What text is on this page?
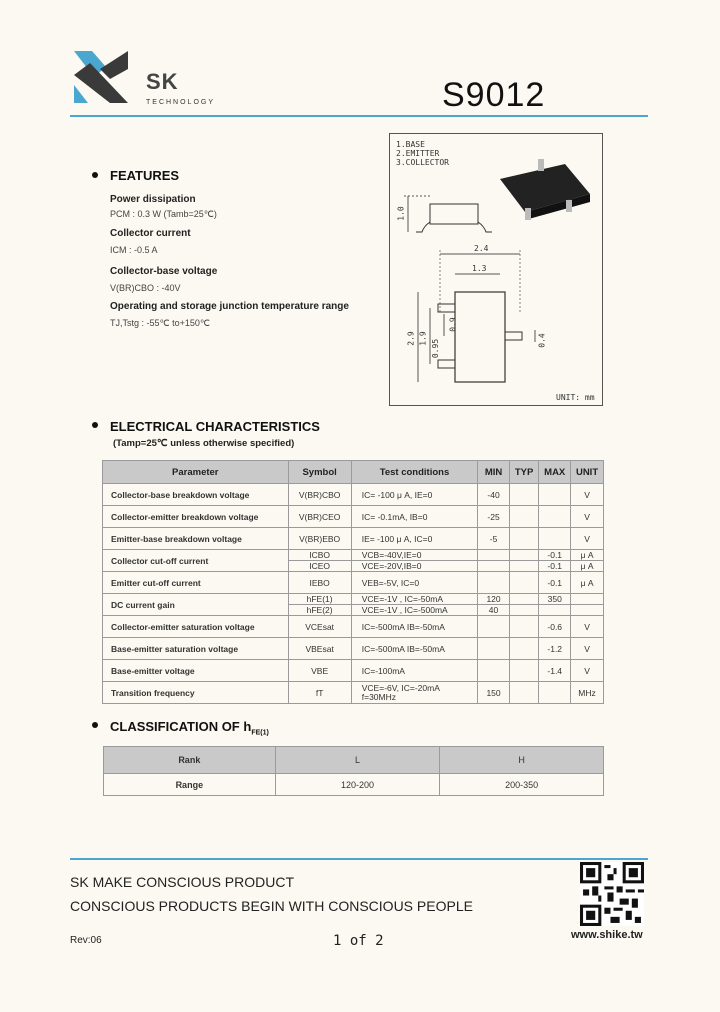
SK
TECHNOLOGY	S9012
FEATURES
Power dissipation
PCM : 0.3 W (Tamb=25℃)
Collector current
ICM : -0.5 A
Collector-base voltage
V(BR)CBO : -40V
Operating and storage junction temperature range
TJ,Tstg : -55℃ to+150℃
1.BASE
2.EMITTER
3.COLLECTOR
1.0
2.4
1.3
0.9
2.9 1.9
0.95	0.4
UNIT: mm
ELECTRICAL CHARACTERISTICS
(Tamp=25℃ unless otherwise specified)
Parameter	Symbol	Test conditions	MIN	TYP	MAX	UNIT
Collector-base breakdown voltage	V(BR)CBO	IC= -100 μ A, IE=0	-40			V
Collector-emitter breakdown voltage	V(BR)CEO	IC= -0.1mA, IB=0	-25			V
Emitter-base breakdown voltage	V(BR)EBO	IE= -100 μ A, IC=0	-5			V
Collector cut-off current	ICBO	VCB=-40V,IE=0			-0.1	μ A
	ICEO	VCE=-20V,IB=0			-0.1	μ A
Emitter cut-off current	IEBO	VEB=-5V, IC=0			-0.1	μ A
DC current gain	hFE(1)	VCE=-1V , IC=-50mA	120		350	
	hFE(2)	VCE=-1V , IC=-500mA	40			
Collector-emitter saturation voltage	VCEsat	IC=-500mA IB=-50mA			-0.6	V
Base-emitter saturation voltage	VBEsat	IC=-500mA IB=-50mA			-1.2	V
Base-emitter voltage	VBE	IC=-100mA			-1.4	V
Transition frequency	fT	VCE=-6V, IC=-20mA
f=30MHz	150			MHz
CLASSIFICATION OF $h_{FE(1)}$
Rank	L	H
Range	120-200	200-350
SK MAKE CONSCIOUS PRODUCT
CONSCIOUS PRODUCTS BEGIN WITH CONSCIOUS PEOPLE
Rev:06	1 of 2	www.shike.tw
